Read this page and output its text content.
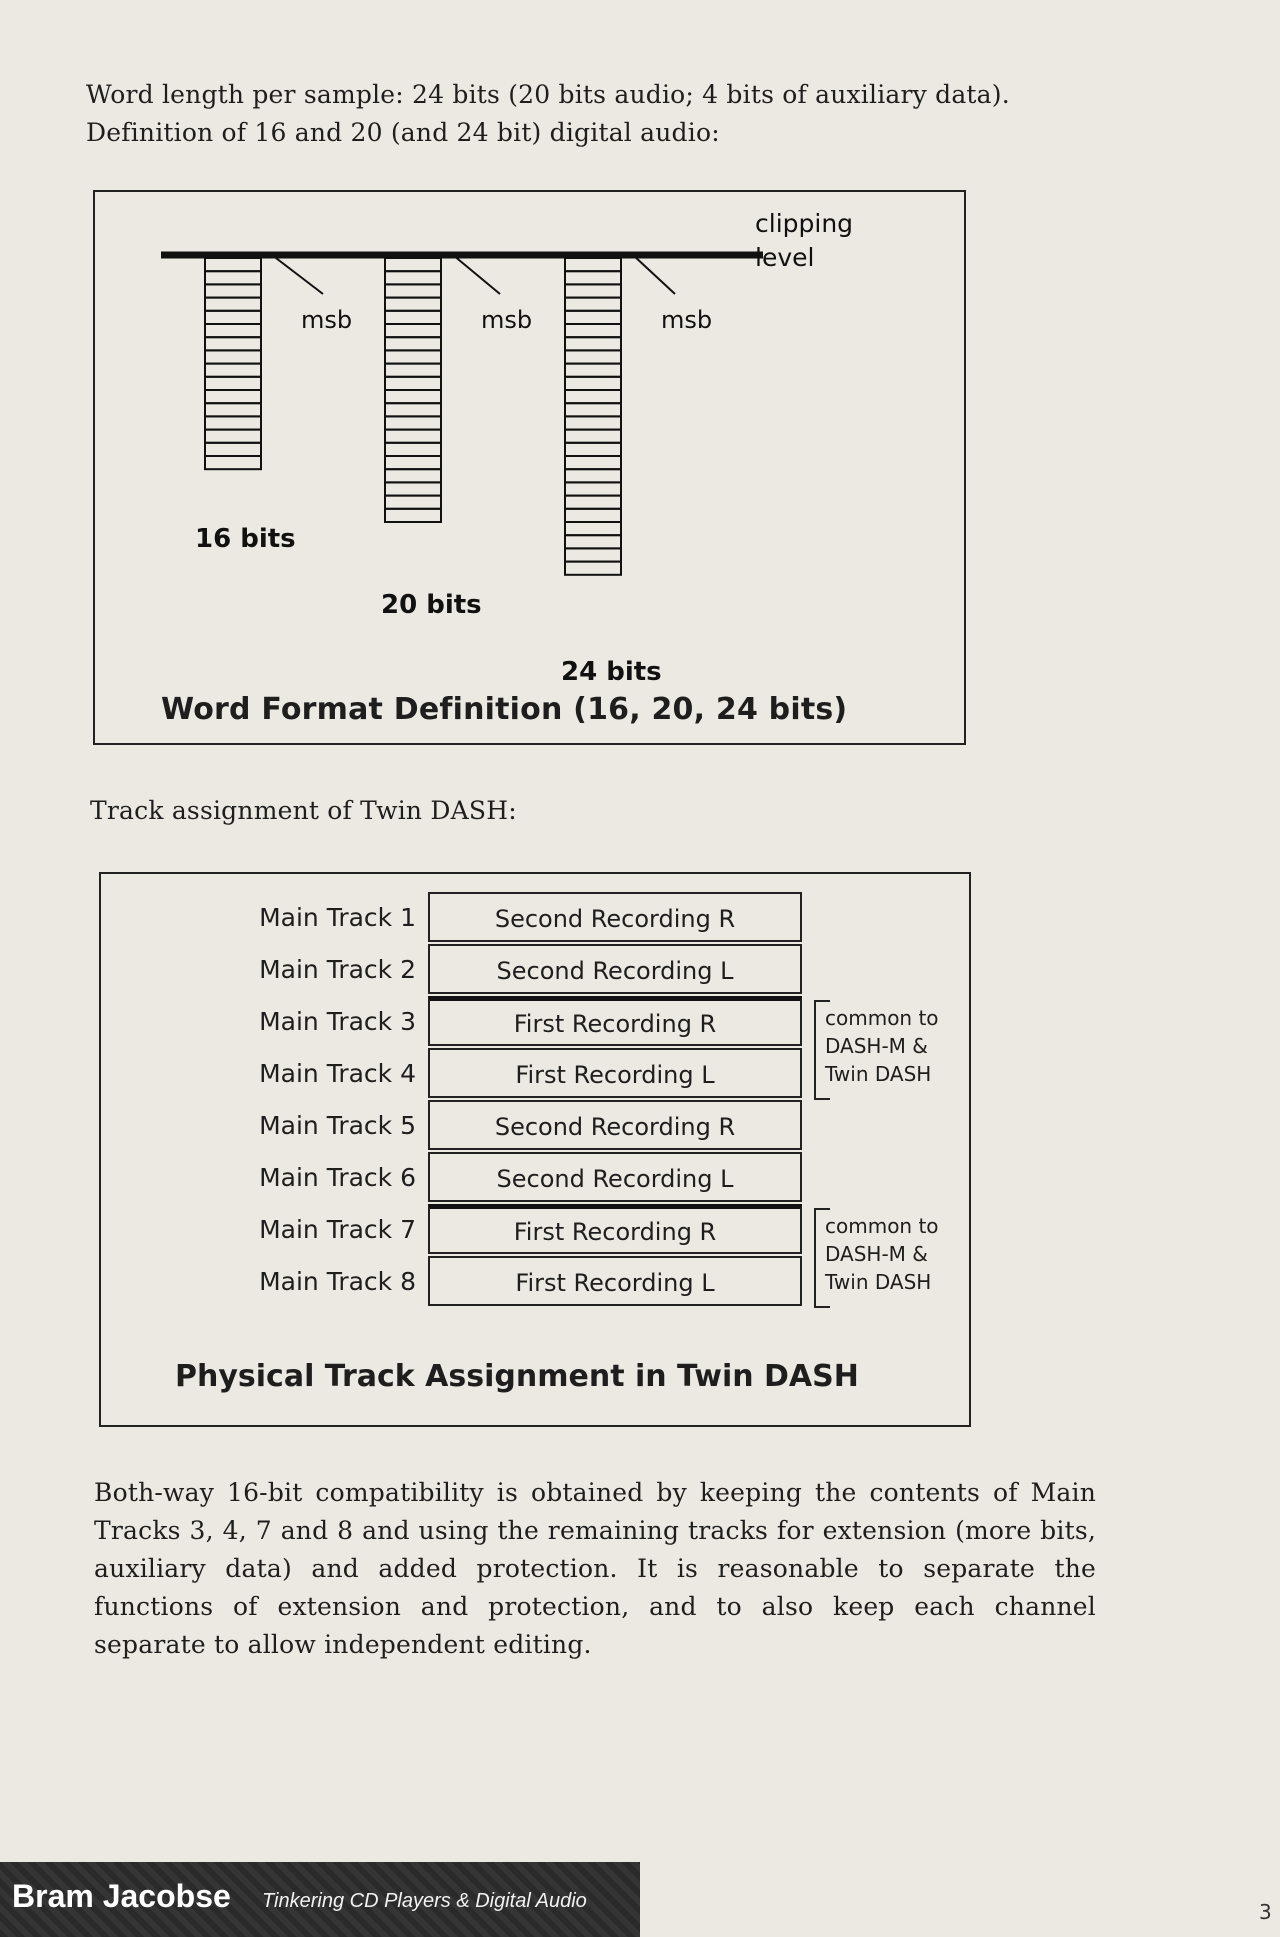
Word length per sample: 24 bits (20 bits audio; 4 bits of auxiliary data).

Definition of 16 and 20 (and 24 bit) digital audio:

msb	msb	msb
clipping
level
16 bits
20 bits
24 bits
Word Format Definition (16, 20, 24 bits)
Track assignment of Twin DASH:
Main Track 1	Second Recording R
Main Track 2	Second Recording L
Main Track 3	First Recording R
Main Track 4	First Recording L
Main Track 5	Second Recording R
Main Track 6	Second Recording L
Main Track 7	First Recording R
Main Track 8	First Recording L
common to
DASH-M &
Twin DASH
common to
DASH-M &
Twin DASH
Physical Track Assignment in Twin DASH
Both-way 16-bit compatibility is obtained by keeping the contents of Main Tracks 3, 4, 7 and 8 and using the remaining tracks for extension (more bits, auxiliary data) and added protection. It is reasonable to separate the functions of extension and protection, and to also keep each channel separate to allow independent editing.
Bram Jacobse Tinkering CD Players & Digital Audio	3
